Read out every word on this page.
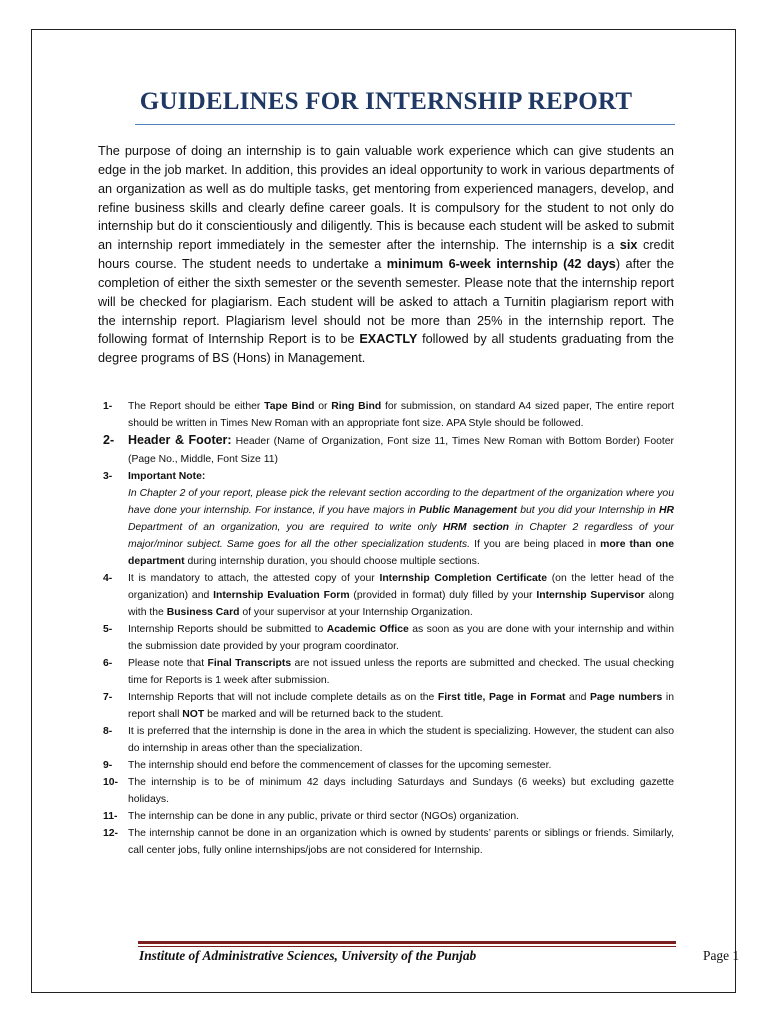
GUIDELINES FOR INTERNSHIP REPORT

The purpose of doing an internship is to gain valuable work experience which can give students an edge in the job market. In addition, this provides an ideal opportunity to work in various departments of an organization as well as do multiple tasks, get mentoring from experienced managers, develop, and refine business skills and clearly define career goals. It is compulsory for the student to not only do internship but do it conscientiously and diligently. This is because each student will be asked to submit an internship report immediately in the semester after the internship. The internship is a six credit hours course. The student needs to undertake a minimum 6-week internship (42 days) after the completion of either the sixth semester or the seventh semester. Please note that the internship report will be checked for plagiarism. Each student will be asked to attach a Turnitin plagiarism report with the internship report. Plagiarism level should not be more than 25% in the internship report. The following format of Internship Report is to be EXACTLY followed by all students graduating from the degree programs of BS (Hons) in Management.

1- The Report should be either Tape Bind or Ring Bind for submission, on standard A4 sized paper, The entire report should be written in Times New Roman with an appropriate font size. APA Style should be followed.
2- Header & Footer: Header (Name of Organization, Font size 11, Times New Roman with Bottom Border) Footer (Page No., Middle, Font Size 11)
3- Important Note:
In Chapter 2 of your report, please pick the relevant section according to the department of the organization where you have done your internship. For instance, if you have majors in Public Management but you did your Internship in HR Department of an organization, you are required to write only HRM section in Chapter 2 regardless of your major/minor subject. Same goes for all the other specialization students. If you are being placed in more than one department during internship duration, you should choose multiple sections.
4- It is mandatory to attach, the attested copy of your Internship Completion Certificate (on the letter head of the organization) and Internship Evaluation Form (provided in format) duly filled by your Internship Supervisor along with the Business Card of your supervisor at your Internship Organization.
5- Internship Reports should be submitted to Academic Office as soon as you are done with your internship and within the submission date provided by your program coordinator.
6- Please note that Final Transcripts are not issued unless the reports are submitted and checked. The usual checking time for Reports is 1 week after submission.
7- Internship Reports that will not include complete details as on the First title, Page in Format and Page numbers in report shall NOT be marked and will be returned back to the student.
8- It is preferred that the internship is done in the area in which the student is specializing. However, the student can also do internship in areas other than the specialization.
9- The internship should end before the commencement of classes for the upcoming semester.
10- The internship is to be of minimum 42 days including Saturdays and Sundays (6 weeks) but excluding gazette holidays.
11- The internship can be done in any public, private or third sector (NGOs) organization.
12- The internship cannot be done in an organization which is owned by students’ parents or siblings or friends. Similarly, call center jobs, fully online internships/jobs are not considered for Internship.

Institute of Administrative Sciences, University of the Punjab	Page 1
